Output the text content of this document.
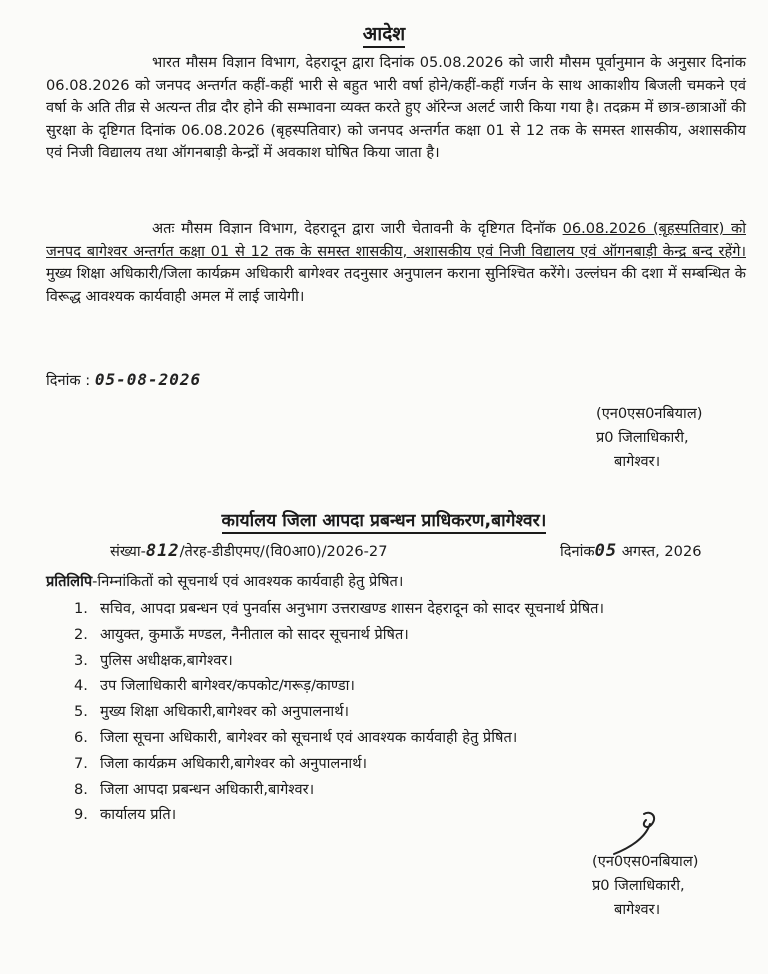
आदेश

भारत मौसम विज्ञान विभाग, देहरादून द्वारा दिनांक 05.08.2026 को जारी मौसम पूर्वानुमान के अनुसार दिनांक 06.08.2026 को जनपद अन्तर्गत कहीं-कहीं भारी से बहुत भारी वर्षा होने/कहीं-कहीं गर्जन के साथ आकाशीय बिजली चमकने एवं वर्षा के अति तीव्र से अत्यन्त तीव्र दौर होने की सम्भावना व्यक्त करते हुए ऑरेन्ज अलर्ट जारी किया गया है। तदक्रम में छात्र-छात्राओं की सुरक्षा के दृष्टिगत दिनांक 06.08.2026 (बृहस्पतिवार) को जनपद अन्तर्गत कक्षा 01 से 12 तक के समस्त शासकीय, अशासकीय एवं निजी विद्यालय तथा ऑगनबाड़ी केन्द्रों में अवकाश घोषित किया जाता है।

अतः मौसम विज्ञान विभाग, देहरादून द्वारा जारी चेतावनी के दृष्टिगत दिनॉक 06.08.2026 (बृहस्पतिवार) को जनपद बागेश्वर अन्तर्गत कक्षा 01 से 12 तक के समस्त शासकीय, अशासकीय एवं निजी विद्यालय एवं ऑगनबाड़ी केन्द्र बन्द रहेंगे। मुख्य शिक्षा अधिकारी/जिला कार्यक्रम अधिकारी बागेश्वर तदनुसार अनुपालन कराना सुनिश्चित करेंगे। उल्लंघन की दशा में सम्बन्धित के विरूद्ध आवश्यक कार्यवाही अमल में लाई जायेगी।

दिनांक : 05-08-2026
(एन0एस0नबियाल)
प्र0 जिलाधिकारी,
बागेश्वर।
कार्यालय जिला आपदा प्रबन्धन प्राधिकरण,बागेश्वर।
संख्या-812/तेरह-डीडीएमए/(वि0आ0)/2026-27	दिनांक05 अगस्त, 2026
प्रतिलिपि-निम्नांकितों को सूचनार्थ एवं आवश्यक कार्यवाही हेतु प्रेषित।
1. सचिव, आपदा प्रबन्धन एवं पुनर्वास अनुभाग उत्तराखण्ड शासन देहरादून को सादर सूचनार्थ प्रेषित।
2. आयुक्त, कुमाऊँ मण्डल, नैनीताल को सादर सूचनार्थ प्रेषित।
3. पुलिस अधीक्षक,बागेश्वर।
4. उप जिलाधिकारी बागेश्वर/कपकोट/गरूड़/काण्डा।
5. मुख्य शिक्षा अधिकारी,बागेश्वर को अनुपालनार्थ।
6. जिला सूचना अधिकारी, बागेश्वर को सूचनार्थ एवं आवश्यक कार्यवाही हेतु प्रेषित।
7. जिला कार्यक्रम अधिकारी,बागेश्वर को अनुपालनार्थ।
8. जिला आपदा प्रबन्धन अधिकारी,बागेश्वर।
9. कार्यालय प्रति।
(एन0एस0नबियाल)
प्र0 जिलाधिकारी,
बागेश्वर।
